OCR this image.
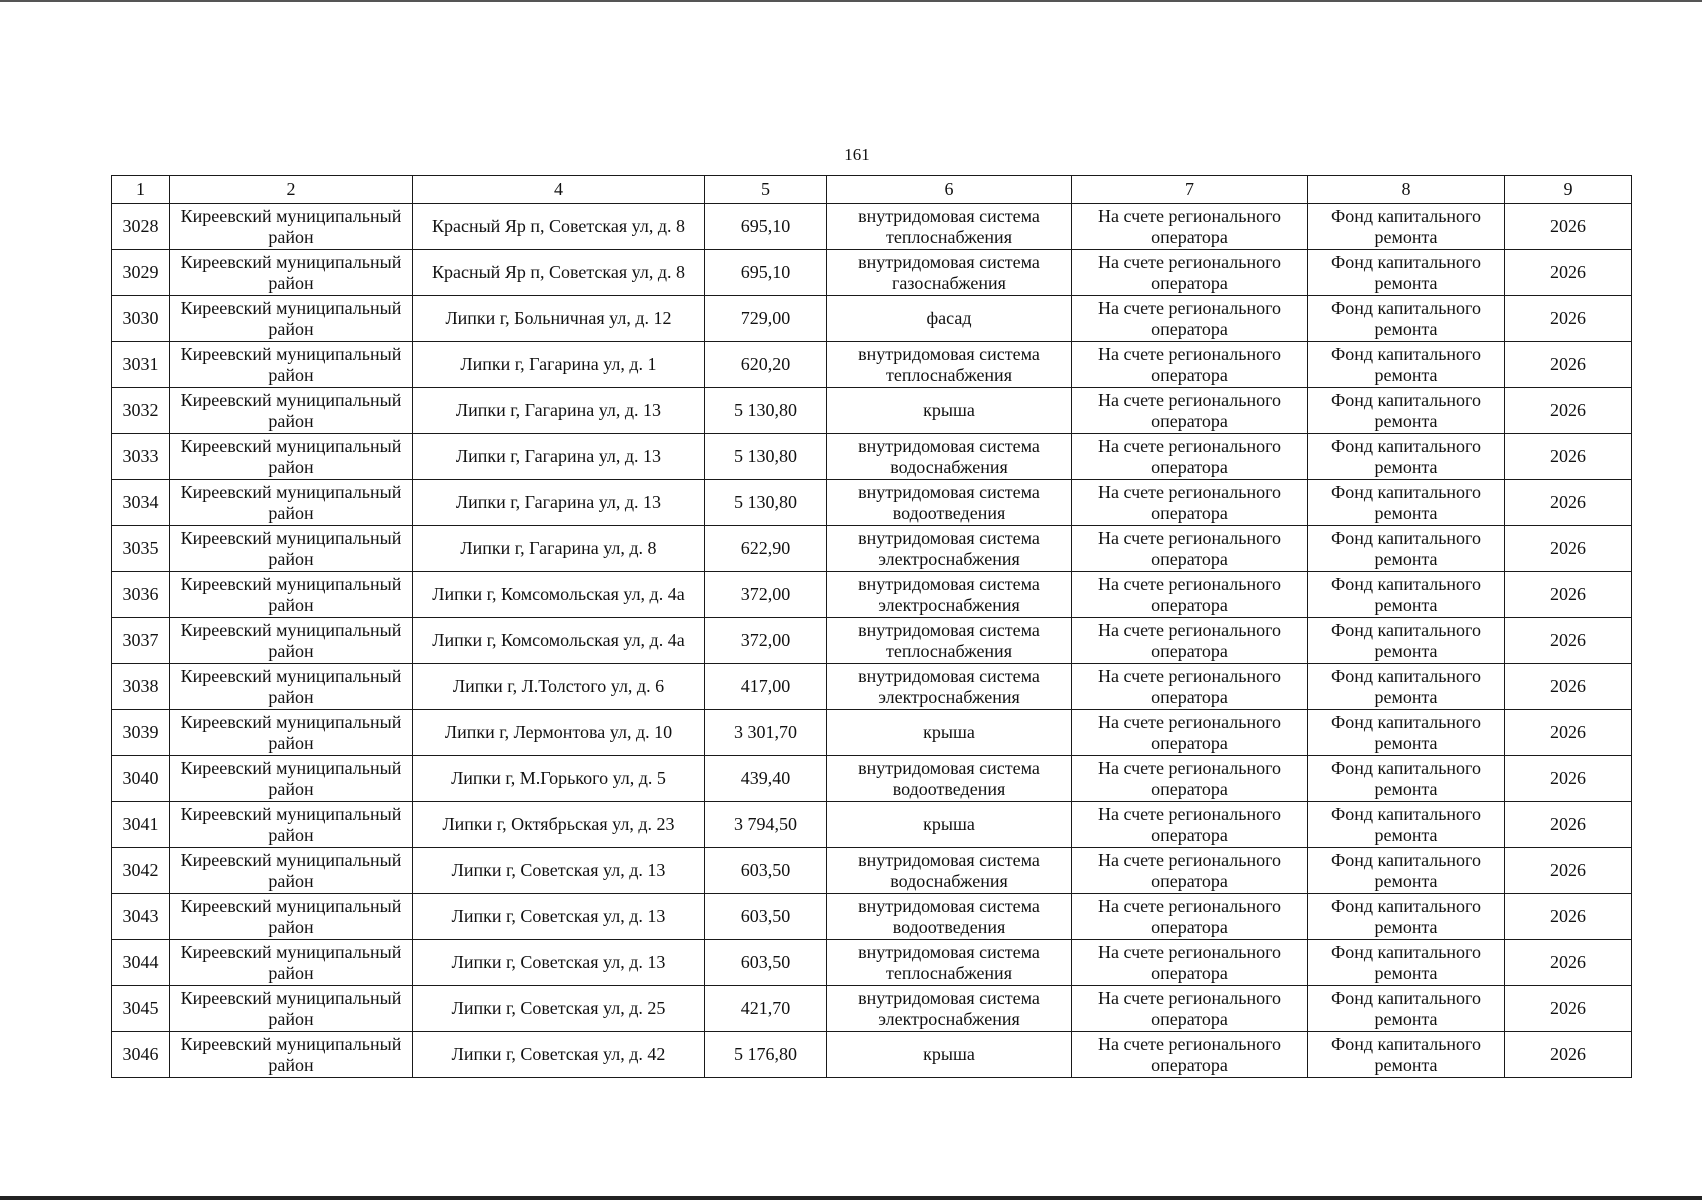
161
1	2	4	5	6	7	8	9
3028	Киреевский муниципальный район	Красный Яр п, Советская ул, д. 8	695,10	внутридомовая система теплоснабжения	На счете регионального оператора	Фонд капитального ремонта	2026
3029	Киреевский муниципальный район	Красный Яр п, Советская ул, д. 8	695,10	внутридомовая система газоснабжения	На счете регионального оператора	Фонд капитального ремонта	2026
3030	Киреевский муниципальный район	Липки г, Больничная ул, д. 12	729,00	фасад	На счете регионального оператора	Фонд капитального ремонта	2026
3031	Киреевский муниципальный район	Липки г, Гагарина ул, д. 1	620,20	внутридомовая система теплоснабжения	На счете регионального оператора	Фонд капитального ремонта	2026
3032	Киреевский муниципальный район	Липки г, Гагарина ул, д. 13	5 130,80	крыша	На счете регионального оператора	Фонд капитального ремонта	2026
3033	Киреевский муниципальный район	Липки г, Гагарина ул, д. 13	5 130,80	внутридомовая система водоснабжения	На счете регионального оператора	Фонд капитального ремонта	2026
3034	Киреевский муниципальный район	Липки г, Гагарина ул, д. 13	5 130,80	внутридомовая система водоотведения	На счете регионального оператора	Фонд капитального ремонта	2026
3035	Киреевский муниципальный район	Липки г, Гагарина ул, д. 8	622,90	внутридомовая система электроснабжения	На счете регионального оператора	Фонд капитального ремонта	2026
3036	Киреевский муниципальный район	Липки г, Комсомольская ул, д. 4а	372,00	внутридомовая система электроснабжения	На счете регионального оператора	Фонд капитального ремонта	2026
3037	Киреевский муниципальный район	Липки г, Комсомольская ул, д. 4а	372,00	внутридомовая система теплоснабжения	На счете регионального оператора	Фонд капитального ремонта	2026
3038	Киреевский муниципальный район	Липки г, Л.Толстого ул, д. 6	417,00	внутридомовая система электроснабжения	На счете регионального оператора	Фонд капитального ремонта	2026
3039	Киреевский муниципальный район	Липки г, Лермонтова ул, д. 10	3 301,70	крыша	На счете регионального оператора	Фонд капитального ремонта	2026
3040	Киреевский муниципальный район	Липки г, М.Горького ул, д. 5	439,40	внутридомовая система водоотведения	На счете регионального оператора	Фонд капитального ремонта	2026
3041	Киреевский муниципальный район	Липки г, Октябрьская ул, д. 23	3 794,50	крыша	На счете регионального оператора	Фонд капитального ремонта	2026
3042	Киреевский муниципальный район	Липки г, Советская ул, д. 13	603,50	внутридомовая система водоснабжения	На счете регионального оператора	Фонд капитального ремонта	2026
3043	Киреевский муниципальный район	Липки г, Советская ул, д. 13	603,50	внутридомовая система водоотведения	На счете регионального оператора	Фонд капитального ремонта	2026
3044	Киреевский муниципальный район	Липки г, Советская ул, д. 13	603,50	внутридомовая система теплоснабжения	На счете регионального оператора	Фонд капитального ремонта	2026
3045	Киреевский муниципальный район	Липки г, Советская ул, д. 25	421,70	внутридомовая система электроснабжения	На счете регионального оператора	Фонд капитального ремонта	2026
3046	Киреевский муниципальный район	Липки г, Советская ул, д. 42	5 176,80	крыша	На счете регионального оператора	Фонд капитального ремонта	2026
